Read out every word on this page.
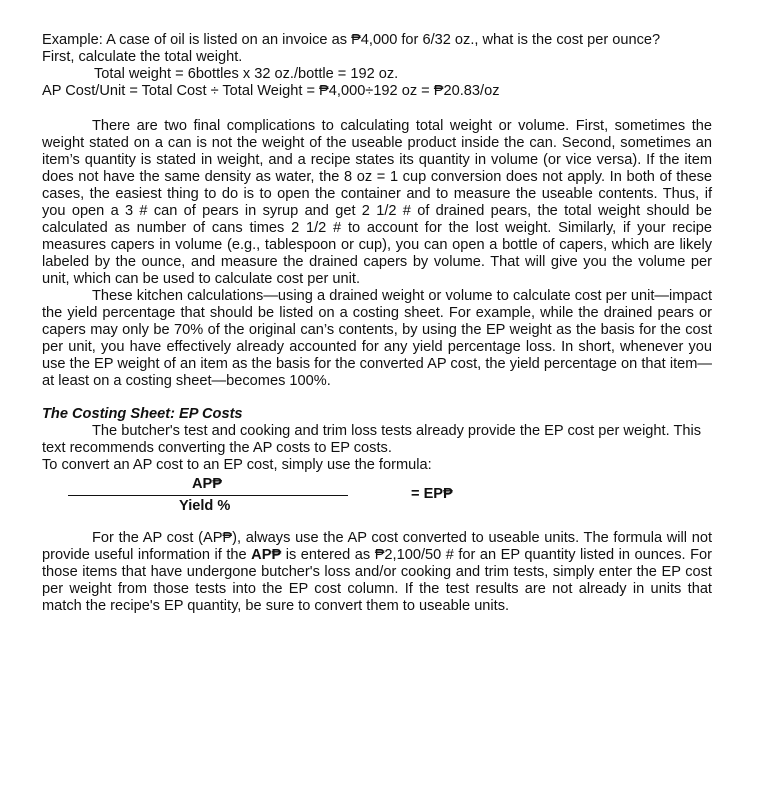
Example: A case of oil is listed on an invoice as ₱4,000 for 6/32 oz., what is the cost per ounce?

First, calculate the total weight.

Total weight = 6bottles x 32 oz./bottle = 192 oz.

AP Cost/Unit = Total Cost ÷ Total Weight = ₱4,000÷192 oz = ₱20.83/oz

There are two final complications to calculating total weight or volume. First, sometimes the weight stated on a can is not the weight of the useable product inside the can. Second, sometimes an item’s quantity is stated in weight, and a recipe states its quantity in volume (or vice versa). If the item does not have the same density as water, the 8 oz = 1 cup conversion does not apply. In both of these cases, the easiest thing to do is to open the container and to measure the useable contents. Thus, if you open a 3 # can of pears in syrup and get 2 1/2 # of drained pears, the total weight should be calculated as number of cans times 2 1/2 # to account for the lost weight. Similarly, if your recipe measures capers in volume (e.g., tablespoon or cup), you can open a bottle of capers, which are likely labeled by the ounce, and measure the drained capers by volume. That will give you the volume per unit, which can be used to calculate cost per unit.

These kitchen calculations—using a drained weight or volume to calculate cost per unit—impact the yield percentage that should be listed on a costing sheet. For example, while the drained pears or capers may only be 70% of the original can’s contents, by using the EP weight as the basis for the cost per unit, you have effectively already accounted for any yield percentage loss. In short, whenever you use the EP weight of an item as the basis for the converted AP cost, the yield percentage on that item—at least on a costing sheet—becomes 100%.

The Costing Sheet: EP Costs

The butcher's test and cooking and trim loss tests already provide the EP cost per weight. This text recommends converting the AP costs to EP costs.

To convert an AP cost to an EP cost, simply use the formula:

AP₱
Yield %
= EP₱

For the AP cost (AP₱), always use the AP cost converted to useable units. The formula will not provide useful information if the AP₱ is entered as ₱2,100/50 # for an EP quantity listed in ounces. For those items that have undergone butcher's loss and/or cooking and trim tests, simply enter the EP cost per weight from those tests into the EP cost column. If the test results are not already in units that match the recipe's EP quantity, be sure to convert them to useable units.
